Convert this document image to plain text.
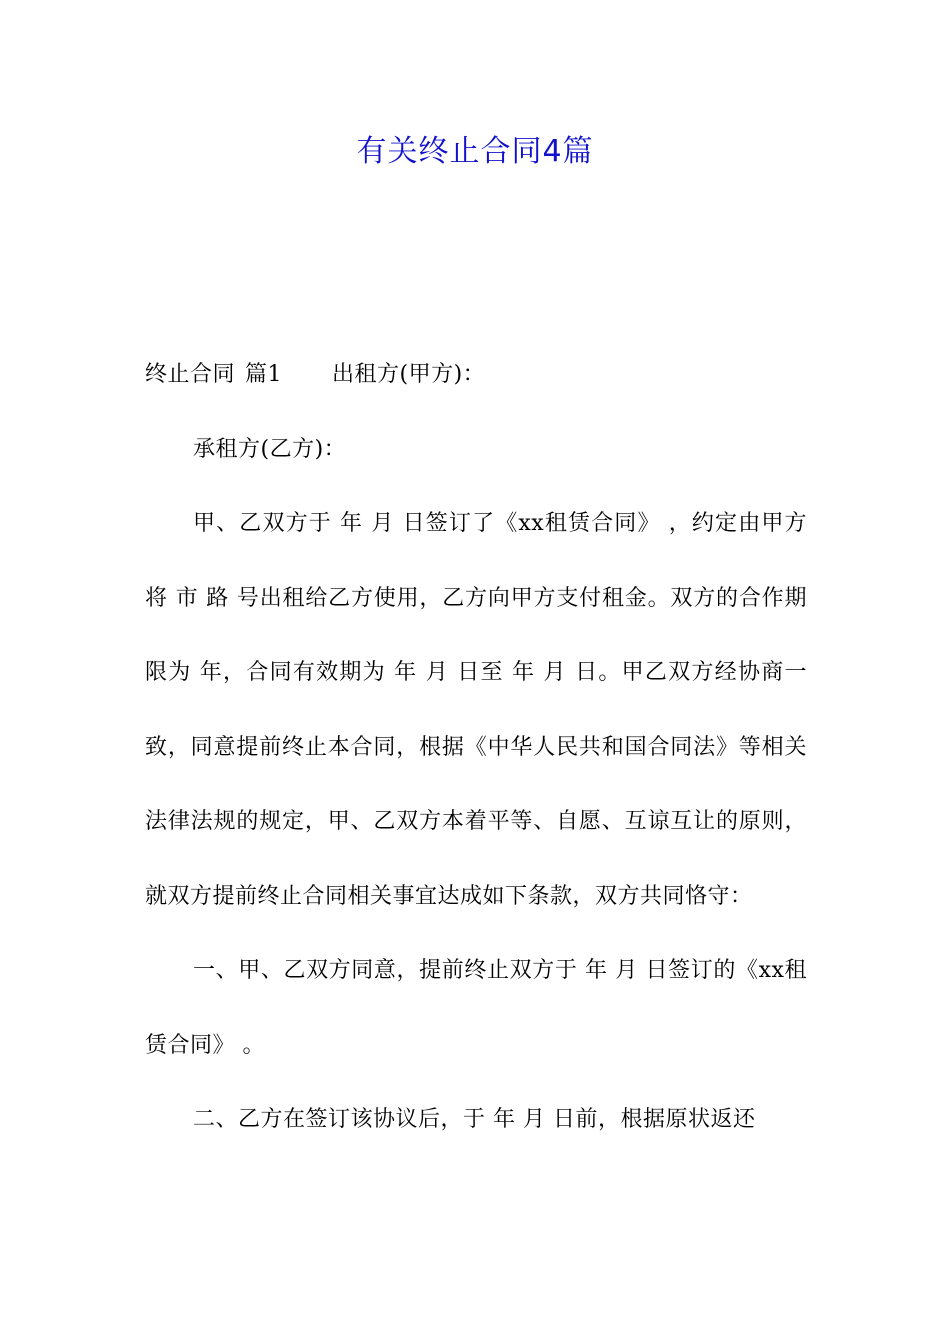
有关终止合同4篇

终止合同 篇1 出租方(甲方)：

承租方(乙方)：

甲、乙双方于 年 月 日签订了《xx租赁合同》 ，约定由甲方将 市 路 号出租给乙方使用，乙方向甲方支付租金。双方的合作期限为 年，合同有效期为 年 月 日至 年 月 日。甲乙双方经协商一致，同意提前终止本合同，根据《中华人民共和国合同法》等相关法律法规的规定，甲、乙双方本着平等、自愿、互谅互让的原则，就双方提前终止合同相关事宜达成如下条款，双方共同恪守：

一、甲、乙双方同意，提前终止双方于 年 月 日签订的《xx租赁合同》 。

二、乙方在签订该协议后，于 年 月 日前，根据原状返还
